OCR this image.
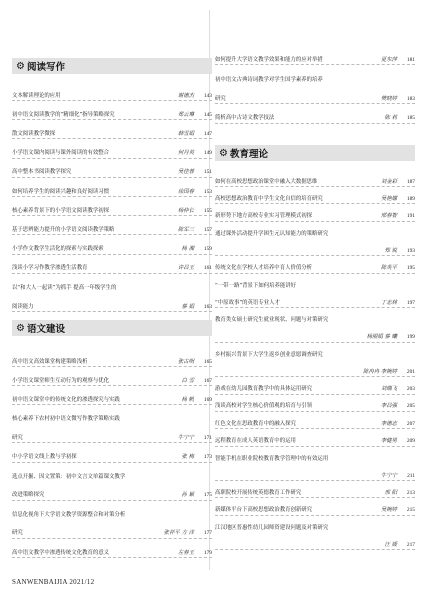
⚙ 阅读写作
文本解读理论的应用	谢德杰	143
初中语文阅读教学的“精细化”指导策略探究	郑云琳	145
散文阅读教学微探	韩雪娟	147
小学语文课内阅读与课外阅读的有效整合	何丹英	149
高中整本书阅读教学探究	吴佳蓉	151
如何培养学生的阅读兴趣和良好阅读习惯	徐国春	153
核心素养背景下的小学语文阅读教学初探	杨仲长	155
基于思辨能力提升的小学语文阅读教学策略	陈军三	157
小学作文教学生活化的探索与实践探索	杨 湘	159
浅谈小学习作教学渗透生活教育	许昌玉	161
以“和大人一起读”为抓手 提高一年级学生的
阅读能力	蔡 娟	163
⚙ 语文建设
高中语文高效课堂构建策略浅析	张古明	165
小学语文课堂师生互动行为的观察与优化	白 雪	167
初中语文课堂中的传统文化的渗透探究与实践	杨 帆	169
核心素养下农村初中语文微写作教学策略实践
研究	牛宁宁	171
中小学语文线上教与学初探	张 梅	173
选点开掘、因文置策：初中文言文单篇课文教学
改进策略探究	孙 颖	175
信息化视角下大学语文教学资源整合和对策分析
研究	张祥平 方 洋	177
高中语文教学中渗透传统文化教育的意义	左春玉	179
如何提升大学语文教学效果和能力的应对举措	夏东萍	181
初中语文古典诗词教学对学生国学素养的培养
研究	樊晓婷	183
简析高中古诗文教学技法	陈 莉	185
⚙ 教育理论
如何在高校思想政治课堂中融入大数据思维	刘金彩	187
高校思想政治教育中学生文化自信的培育研究	吴艳娜	189
新形势下地方高校专业实习管理模式初探	邢春智	191
通过课外活动提升学困生元认知能力的策略研究
郑 锐	193
传统文化在学校人才培养中育人价值分析	陈英平	195
“一带一路”背景下如何培养能讲好
“中原故事”的英语专业人才	丁志林	197
教育类女硕士研究生就业现状、问题与对策研究
杨丽娟 蔡 曦	199
乡村振兴背景下大学生返乡创业意愿调查研究
陈冉冉 李婉婷	201
游戏在幼儿园教育教学中的具体运用研究	刘瑞飞	203
浅谈高校对学生核心价值观的培育与引领	李昌强	205
红色文化在思政教育中的融入探究	李德志	207
远程教育在成人英语教育中的运用	李健男	209
智能手机在职业院校教育教学管理中的有效运用
牛宁宁	211
高职院校开展传统英德教育工作研究	邢 阳	213
新媒体平台下高校思想政治教育创新研究	吴婉婷	215
江汉地区普惠性幼儿园师资建设问题及对策研究
汪 媛	217
SANWENBAIJIA 2021/12
